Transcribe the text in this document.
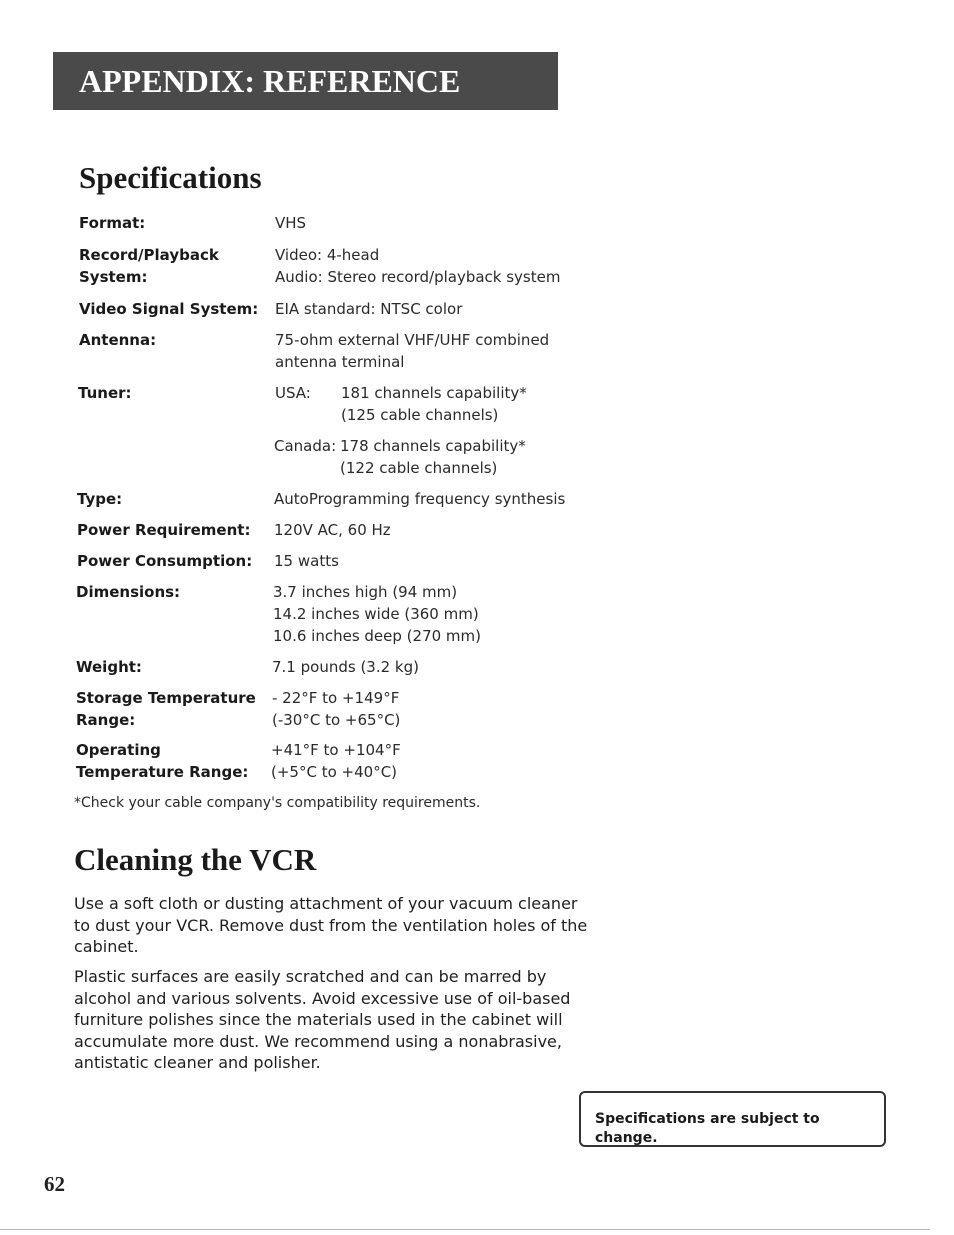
APPENDIX: REFERENCE
Specifications
Format:	VHS
Record/Playback
System:
Video: 4-head
Audio: Stereo record/playback system
Video Signal System: EIA standard: NTSC color
Antenna:	75-ohm external VHF/UHF combined
antenna terminal
Tuner:	USA: 181 channels capability*
(125 cable channels)
Canada: 178 channels capability*
(122 cable channels)
Type:	AutoProgramming frequency synthesis
Power Requirement: 120V AC, 60 Hz
Power Consumption: 15 watts
Dimensions:	3.7 inches high (94 mm)
14.2 inches wide (360 mm)
10.6 inches deep (270 mm)
Weight:	7.1 pounds (3.2 kg)
Storage Temperature
Range:
- 22°F to +149°F
(-30°C to +65°C)
Operating
Temperature Range:
+41°F to +104°F
(+5°C to +40°C)
*Check your cable company's compatibility requirements.
Cleaning the VCR
Use a soft cloth or dusting attachment of your vacuum cleaner to dust your VCR. Remove dust from the ventilation holes of the cabinet.
Plastic surfaces are easily scratched and can be marred by alcohol and various solvents. Avoid excessive use of oil-based furniture polishes since the materials used in the cabinet will accumulate more dust. We recommend using a nonabrasive, antistatic cleaner and polisher.
Specifications are subject to change.
62
